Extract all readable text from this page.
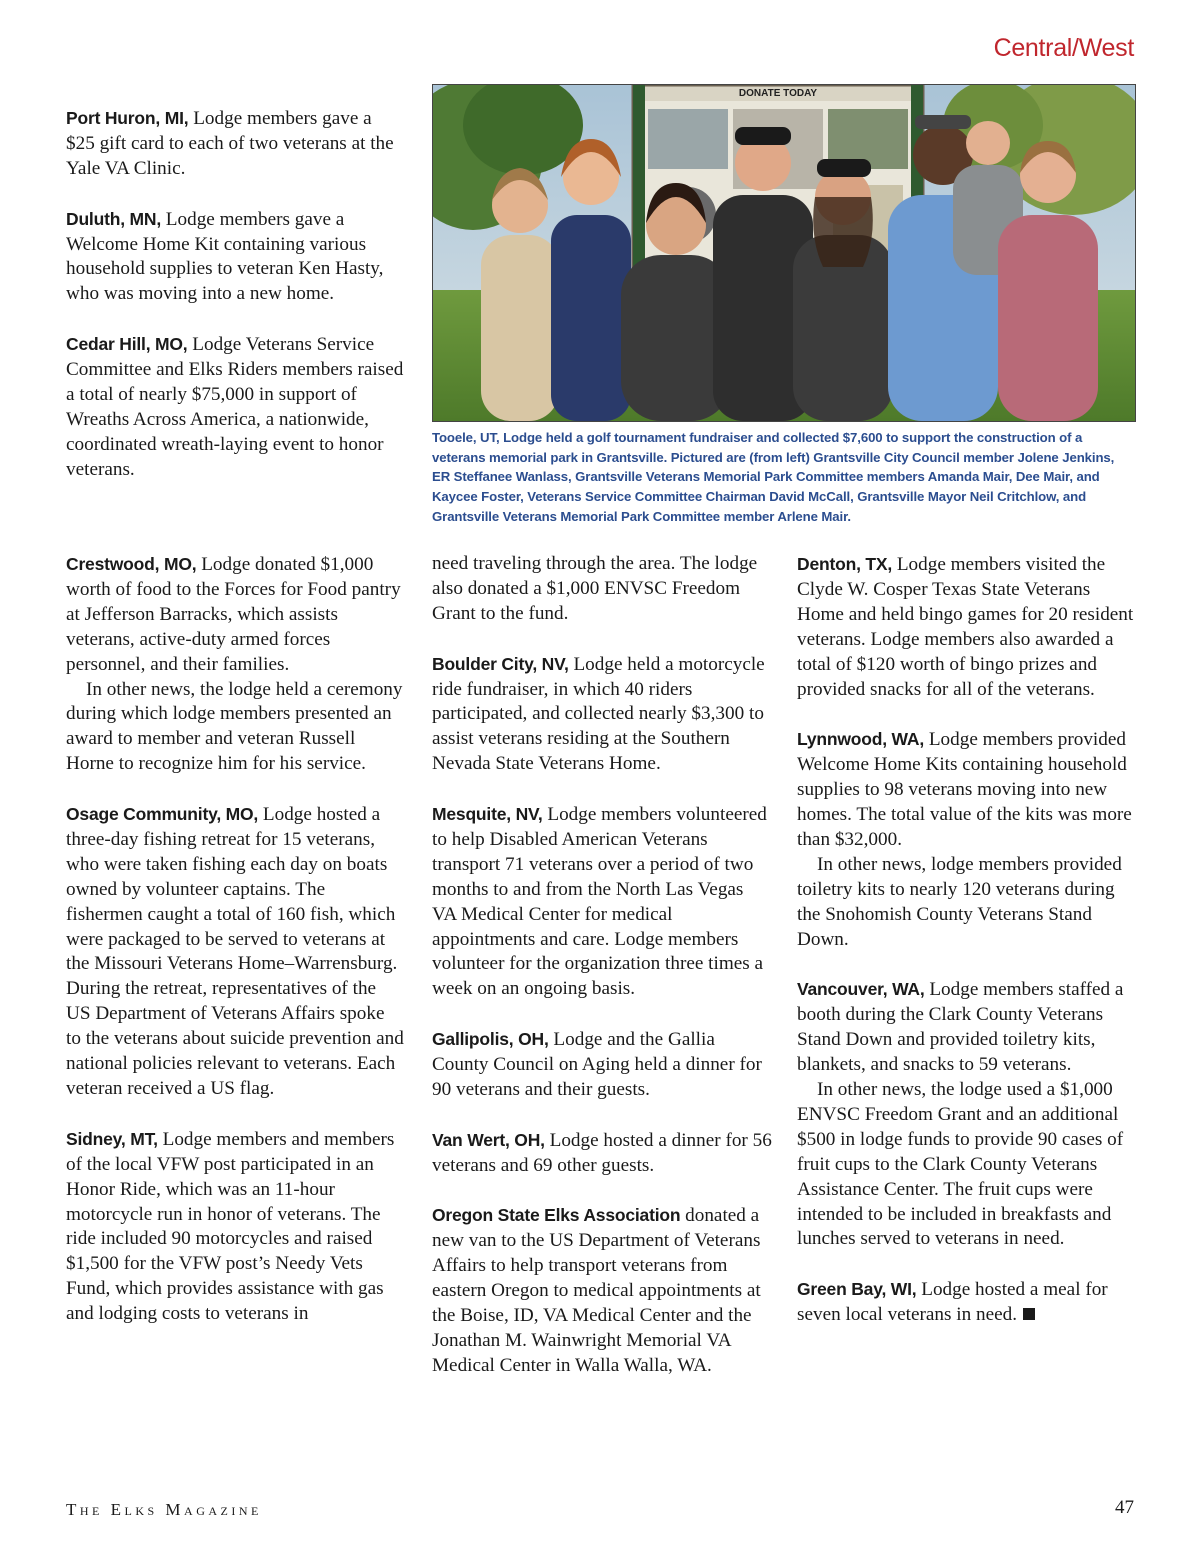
Central/West

Port Huron, MI, Lodge members gave a $25 gift card to each of two veterans at the Yale VA Clinic.

Duluth, MN, Lodge members gave a Welcome Home Kit containing various household supplies to veteran Ken Hasty, who was moving into a new home.

Cedar Hill, MO, Lodge Veterans Service Committee and Elks Riders members raised a total of nearly $75,000 in support of Wreaths Across America, a nationwide, coordinated wreath-laying event to honor veterans.

DONATE TODAY
Tooele, UT, Lodge held a golf tournament fundraiser and collected $7,600 to support the construction of a veterans memorial park in Grantsville. Pictured are (from left) Grantsville City Council member Jolene Jenkins, ER Steffanee Wanlass, Grantsville Veterans Memorial Park Committee members Amanda Mair, Dee Mair, and Kaycee Foster, Veterans Service Committee Chairman David McCall, Grantsville Mayor Neil Critchlow, and Grantsville Veterans Memorial Park Committee member Arlene Mair.

Crestwood, MO, Lodge donated $1,000 worth of food to the Forces for Food pantry at Jefferson Barracks, which assists veterans, active-duty armed forces personnel, and their families.

In other news, the lodge held a ceremony during which lodge members presented an award to member and veteran Russell Horne to recognize him for his service.

Osage Community, MO, Lodge hosted a three-day fishing retreat for 15 veterans, who were taken fishing each day on boats owned by volunteer captains. The fishermen caught a total of 160 fish, which were packaged to be served to veterans at the Missouri Veterans Home–Warrensburg. During the retreat, representatives of the US Department of Veterans Affairs spoke to the veterans about suicide prevention and national policies relevant to veterans. Each veteran received a US flag.

Sidney, MT, Lodge members and members of the local VFW post participated in an Honor Ride, which was an 11-hour motorcycle run in honor of veterans. The ride included 90 motorcycles and raised $1,500 for the VFW post’s Needy Vets Fund, which provides assistance with gas and lodging costs to veterans in

need traveling through the area. The lodge also donated a $1,000 ENVSC Freedom Grant to the fund.

Boulder City, NV, Lodge held a motorcycle ride fundraiser, in which 40 riders participated, and collected nearly $3,300 to assist veterans residing at the Southern Nevada State Veterans Home.

Mesquite, NV, Lodge members volunteered to help Disabled American Veterans transport 71 veterans over a period of two months to and from the North Las Vegas VA Medical Center for medical appointments and care. Lodge members volunteer for the organization three times a week on an ongoing basis.

Gallipolis, OH, Lodge and the Gallia County Council on Aging held a dinner for 90 veterans and their guests.

Van Wert, OH, Lodge hosted a dinner for 56 veterans and 69 other guests.

Oregon State Elks Association donated a new van to the US Department of Veterans Affairs to help transport veterans from eastern Oregon to medical appointments at the Boise, ID, VA Medical Center and the Jonathan M. Wainwright Memorial VA Medical Center in Walla Walla, WA.

Denton, TX, Lodge members visited the Clyde W. Cosper Texas State Veterans Home and held bingo games for 20 resident veterans. Lodge members also awarded a total of $120 worth of bingo prizes and provided snacks for all of the veterans.

Lynnwood, WA, Lodge members provided Welcome Home Kits containing household supplies to 98 veterans moving into new homes. The total value of the kits was more than $32,000.

In other news, lodge members provided toiletry kits to nearly 120 veterans during the Snohomish County Veterans Stand Down.

Vancouver, WA, Lodge members staffed a booth during the Clark County Veterans Stand Down and provided toiletry kits, blankets, and snacks to 59 veterans.

In other news, the lodge used a $1,000 ENVSC Freedom Grant and an additional $500 in lodge funds to provide 90 cases of fruit cups to the Clark County Veterans Assistance Center. The fruit cups were intended to be included in breakfasts and lunches served to veterans in need.

Green Bay, WI, Lodge hosted a meal for seven local veterans in need.

The Elks Magazine	47
